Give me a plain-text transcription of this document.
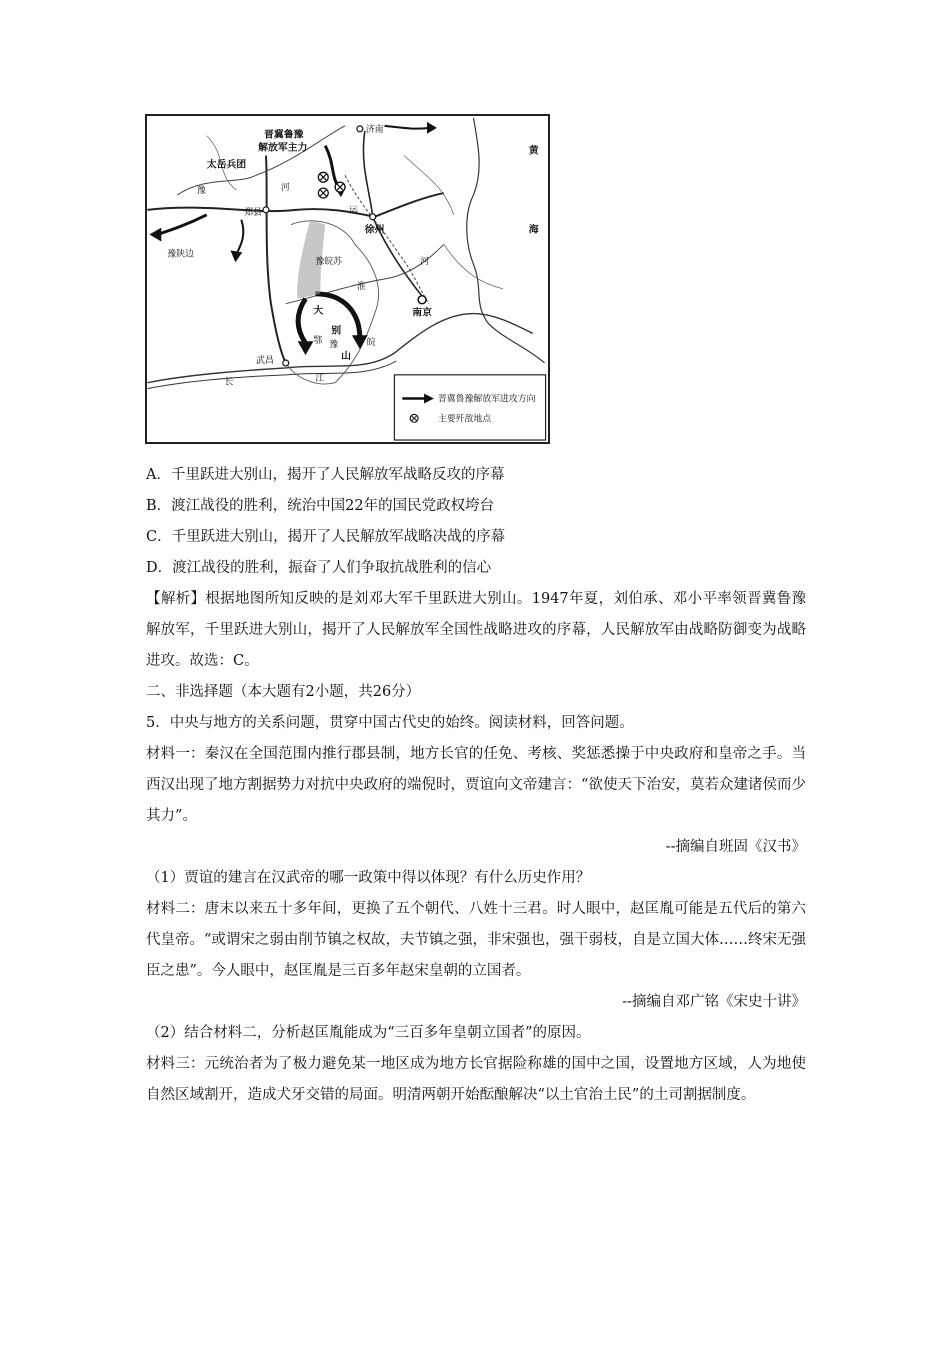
晋冀鲁豫
解放军主力
太岳兵团
济南
黄
海
豫
豫陕边
郑县
河
运
徐州
豫皖苏
淮
河
南京
大
别
山
鄂 豫	皖
武昌
长	江
晋冀鲁豫解放军进攻方向
主要歼敌地点

A．千里跃进大别山，揭开了人民解放军战略反攻的序幕

B．渡江战役的胜利，统治中国22年的国民党政权垮台

C．千里跃进大别山，揭开了人民解放军战略决战的序幕

D．渡江战役的胜利，振奋了人们争取抗战胜利的信心

【解析】根据地图所知反映的是刘邓大军千里跃进大别山。1947年夏，刘伯承、邓小平率领晋冀鲁豫解放军，千里跃进大别山，揭开了人民解放军全国性战略进攻的序幕，人民解放军由战略防御变为战略进攻。故选：C。

二、非选择题（本大题有2小题，共26分）

5．中央与地方的关系问题，贯穿中国古代史的始终。阅读材料，回答问题。

材料一：秦汉在全国范围内推行郡县制，地方长官的任免、考核、奖惩悉操于中央政府和皇帝之手。当西汉出现了地方割据势力对抗中央政府的端倪时，贾谊向文帝建言：“欲使天下治安，莫若众建诸侯而少其力”。

--摘编自班固《汉书》

（1）贾谊的建言在汉武帝的哪一政策中得以体现？有什么历史作用？

材料二：唐末以来五十多年间，更换了五个朝代、八姓十三君。时人眼中，赵匡胤可能是五代后的第六代皇帝。“或谓宋之弱由削节镇之权故，夫节镇之强，非宋强也，强干弱枝，自是立国大体……终宋无强臣之患”。今人眼中，赵匡胤是三百多年赵宋皇朝的立国者。

--摘编自邓广铭《宋史十讲》

（2）结合材料二，分析赵匡胤能成为“三百多年皇朝立国者”的原因。

材料三：元统治者为了极力避免某一地区成为地方长官据险称雄的国中之国，设置地方区域，人为地使自然区域割开，造成犬牙交错的局面。明清两朝开始酝酿解决“以土官治土民”的土司割据制度。
